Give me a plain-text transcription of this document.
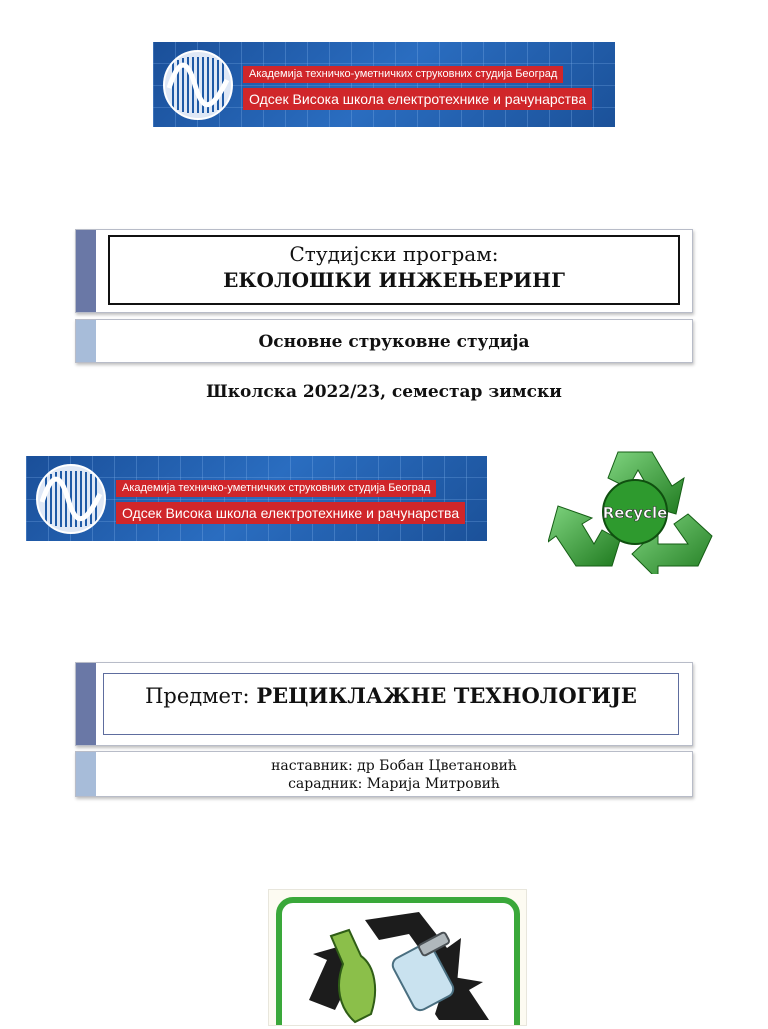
Академија техничко-уметничких струковних студија Београд
Одсек Висока школа електротехнике и рачунарства
Студијски програм:
ЕКОЛОШКИ ИНЖЕЊЕРИНГ
Основне струковне студија
Школска 2022/23, семестар зимски
Академија техничко-уметничких струковних студија Београд
Одсек Висока школа електротехнике и рачунарства	Recycle
Предмет: РЕЦИКЛАЖНЕ ТЕХНОЛОГИЈЕ
наставник: др Бобан Цветановић
сарадник: Марија Митровић
